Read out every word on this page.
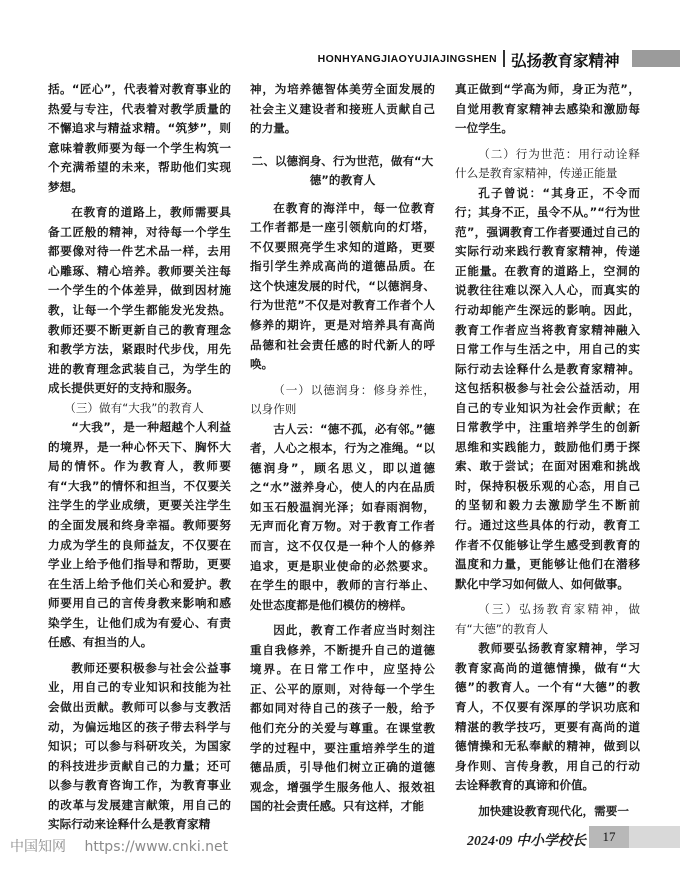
HONHYANGJIAOYUJIAJINGSHEN 弘扬教育家精神

括。“匠心”，代表着对教育事业的热爱与专注，代表着对教学质量的不懈追求与精益求精。“筑梦”，则意味着教师要为每一个学生构筑一个充满希望的未来，帮助他们实现梦想。

在教育的道路上，教师需要具备工匠般的精神，对待每一个学生都要像对待一件艺术品一样，去用心雕琢、精心培养。教师要关注每一个学生的个体差异，做到因材施教，让每一个学生都能发光发热。教师还要不断更新自己的教育理念和教学方法，紧跟时代步伐，用先进的教育理念武装自己，为学生的成长提供更好的支持和服务。

（三）做有“大我”的教育人

“大我”，是一种超越个人利益的境界，是一种心怀天下、胸怀大局的情怀。作为教育人，教师要有“大我”的情怀和担当，不仅要关注学生的学业成绩，更要关注学生的全面发展和终身幸福。教师要努力成为学生的良师益友，不仅要在学业上给予他们指导和帮助，更要在生活上给予他们关心和爱护。教师要用自己的言传身教来影响和感染学生，让他们成为有爱心、有责任感、有担当的人。

教师还要积极参与社会公益事业，用自己的专业知识和技能为社会做出贡献。教师可以参与支教活动，为偏远地区的孩子带去科学与知识；可以参与科研攻关，为国家的科技进步贡献自己的力量；还可以参与教育咨询工作，为教育事业的改革与发展建言献策，用自己的实际行动来诠释什么是教育家精

神，为培养德智体美劳全面发展的社会主义建设者和接班人贡献自己的力量。

二、以德润身、行为世范，做有“大德”的教育人

在教育的海洋中，每一位教育工作者都是一座引领航向的灯塔，不仅要照亮学生求知的道路，更要指引学生养成高尚的道德品质。在这个快速发展的时代，“以德润身、行为世范”不仅是对教育工作者个人修养的期许，更是对培养具有高尚品德和社会责任感的时代新人的呼唤。

（一）以德润身：修身养性，以身作则

古人云：“德不孤，必有邻。”德者，人心之根本，行为之准绳。“以德润身”，顾名思义，即以道德之“水”滋养身心，使人的内在品质如玉石般温润光泽；如春雨润物，无声而化育万物。对于教育工作者而言，这不仅仅是一种个人的修养追求，更是职业使命的必然要求。在学生的眼中，教师的言行举止、处世态度都是他们模仿的榜样。

因此，教育工作者应当时刻注重自我修养，不断提升自己的道德境界。在日常工作中，应坚持公正、公平的原则，对待每一个学生都如同对待自己的孩子一般，给予他们充分的关爱与尊重。在课堂教学的过程中，要注重培养学生的道德品质，引导他们树立正确的道德观念，增强学生服务他人、报效祖国的社会责任感。只有这样，才能

真正做到“学高为师，身正为范”，自觉用教育家精神去感染和激励每一位学生。

（二）行为世范：用行动诠释什么是教育家精神，传递正能量

孔子曾说：“其身正，不令而行；其身不正，虽令不从。”“行为世范”，强调教育工作者要通过自己的实际行动来践行教育家精神，传递正能量。在教育的道路上，空洞的说教往往难以深入人心，而真实的行动却能产生深远的影响。因此，教育工作者应当将教育家精神融入日常工作与生活之中，用自己的实际行动去诠释什么是教育家精神。这包括积极参与社会公益活动，用自己的专业知识为社会作贡献；在日常教学中，注重培养学生的创新思维和实践能力，鼓励他们勇于探索、敢于尝试；在面对困难和挑战时，保持积极乐观的心态，用自己的坚韧和毅力去激励学生不断前行。通过这些具体的行动，教育工作者不仅能够让学生感受到教育的温度和力量，更能够让他们在潜移默化中学习如何做人、如何做事。

（三）弘扬教育家精神，做有“大德”的教育人

教师要弘扬教育家精神，学习教育家高尚的道德情操，做有“大德”的教育人。一个有“大德”的教育人，不仅要有深厚的学识功底和精湛的教学技巧，更要有高尚的道德情操和无私奉献的精神，做到以身作则、言传身教，用自己的行动去诠释教育的真谛和价值。

加快建设教育现代化，需要一

2024·09 中小学校长	17
中国知网 https://www.cnki.net
